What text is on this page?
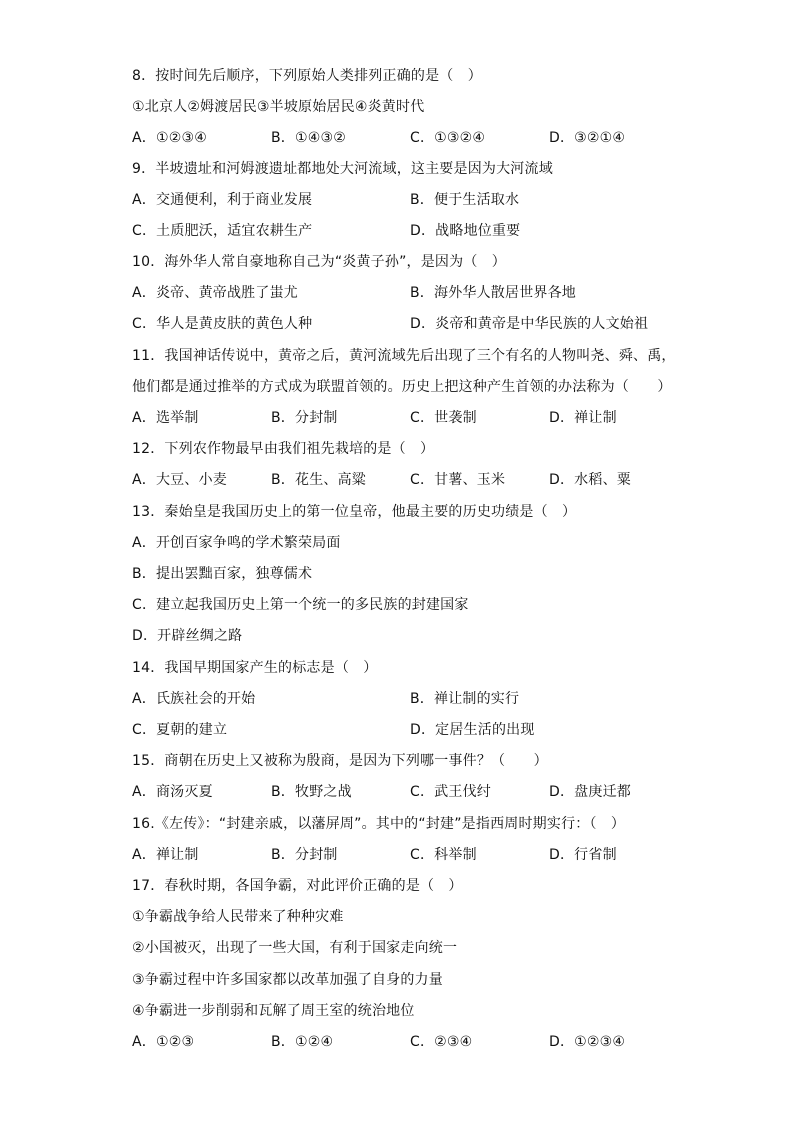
8．按时间先后顺序，下列原始人类排列正确的是（　）
①北京人②姆渡居民③半坡原始居民④炎黄时代
A．①②③④	B．①④③②	C．①③②④	D．③②①④
9．半坡遗址和河姆渡遗址都地处大河流域，这主要是因为大河流域
A．交通便利，利于商业发展	B．便于生活取水
C．土质肥沃，适宜农耕生产	D．战略地位重要
10．海外华人常自豪地称自己为“炎黄子孙”，是因为（　）
A．炎帝、黄帝战胜了蚩尤	B．海外华人散居世界各地
C．华人是黄皮肤的黄色人种	D．炎帝和黄帝是中华民族的人文始祖
11．我国神话传说中，黄帝之后，黄河流域先后出现了三个有名的人物叫尧、舜、禹，
他们都是通过推举的方式成为联盟首领的。历史上把这种产生首领的办法称为（　　）
A．选举制	B．分封制	C．世袭制	D．禅让制
12．下列农作物最早由我们祖先栽培的是（　）
A．大豆、小麦	B．花生、高粱	C．甘薯、玉米	D．水稻、粟
13．秦始皇是我国历史上的第一位皇帝，他最主要的历史功绩是（　）
A．开创百家争鸣的学术繁荣局面
B．提出罢黜百家，独尊儒术
C．建立起我国历史上第一个统一的多民族的封建国家
D．开辟丝绸之路
14．我国早期国家产生的标志是（　）
A．氏族社会的开始	B．禅让制的实行
C．夏朝的建立	D．定居生活的出现
15．商朝在历史上又被称为殷商，是因为下列哪一事件？（　　）
A．商汤灭夏	B．牧野之战	C．武王伐纣	D．盘庚迁都
16.《左传》：“封建亲戚，以藩屏周”。其中的“封建”是指西周时期实行：（　）
A．禅让制	B．分封制	C．科举制	D．行省制
17．春秋时期，各国争霸，对此评价正确的是（　）
①争霸战争给人民带来了种种灾难
②小国被灭，出现了一些大国，有利于国家走向统一
③争霸过程中许多国家都以改革加强了自身的力量
④争霸进一步削弱和瓦解了周王室的统治地位
A．①②③	B．①②④	C．②③④	D．①②③④
